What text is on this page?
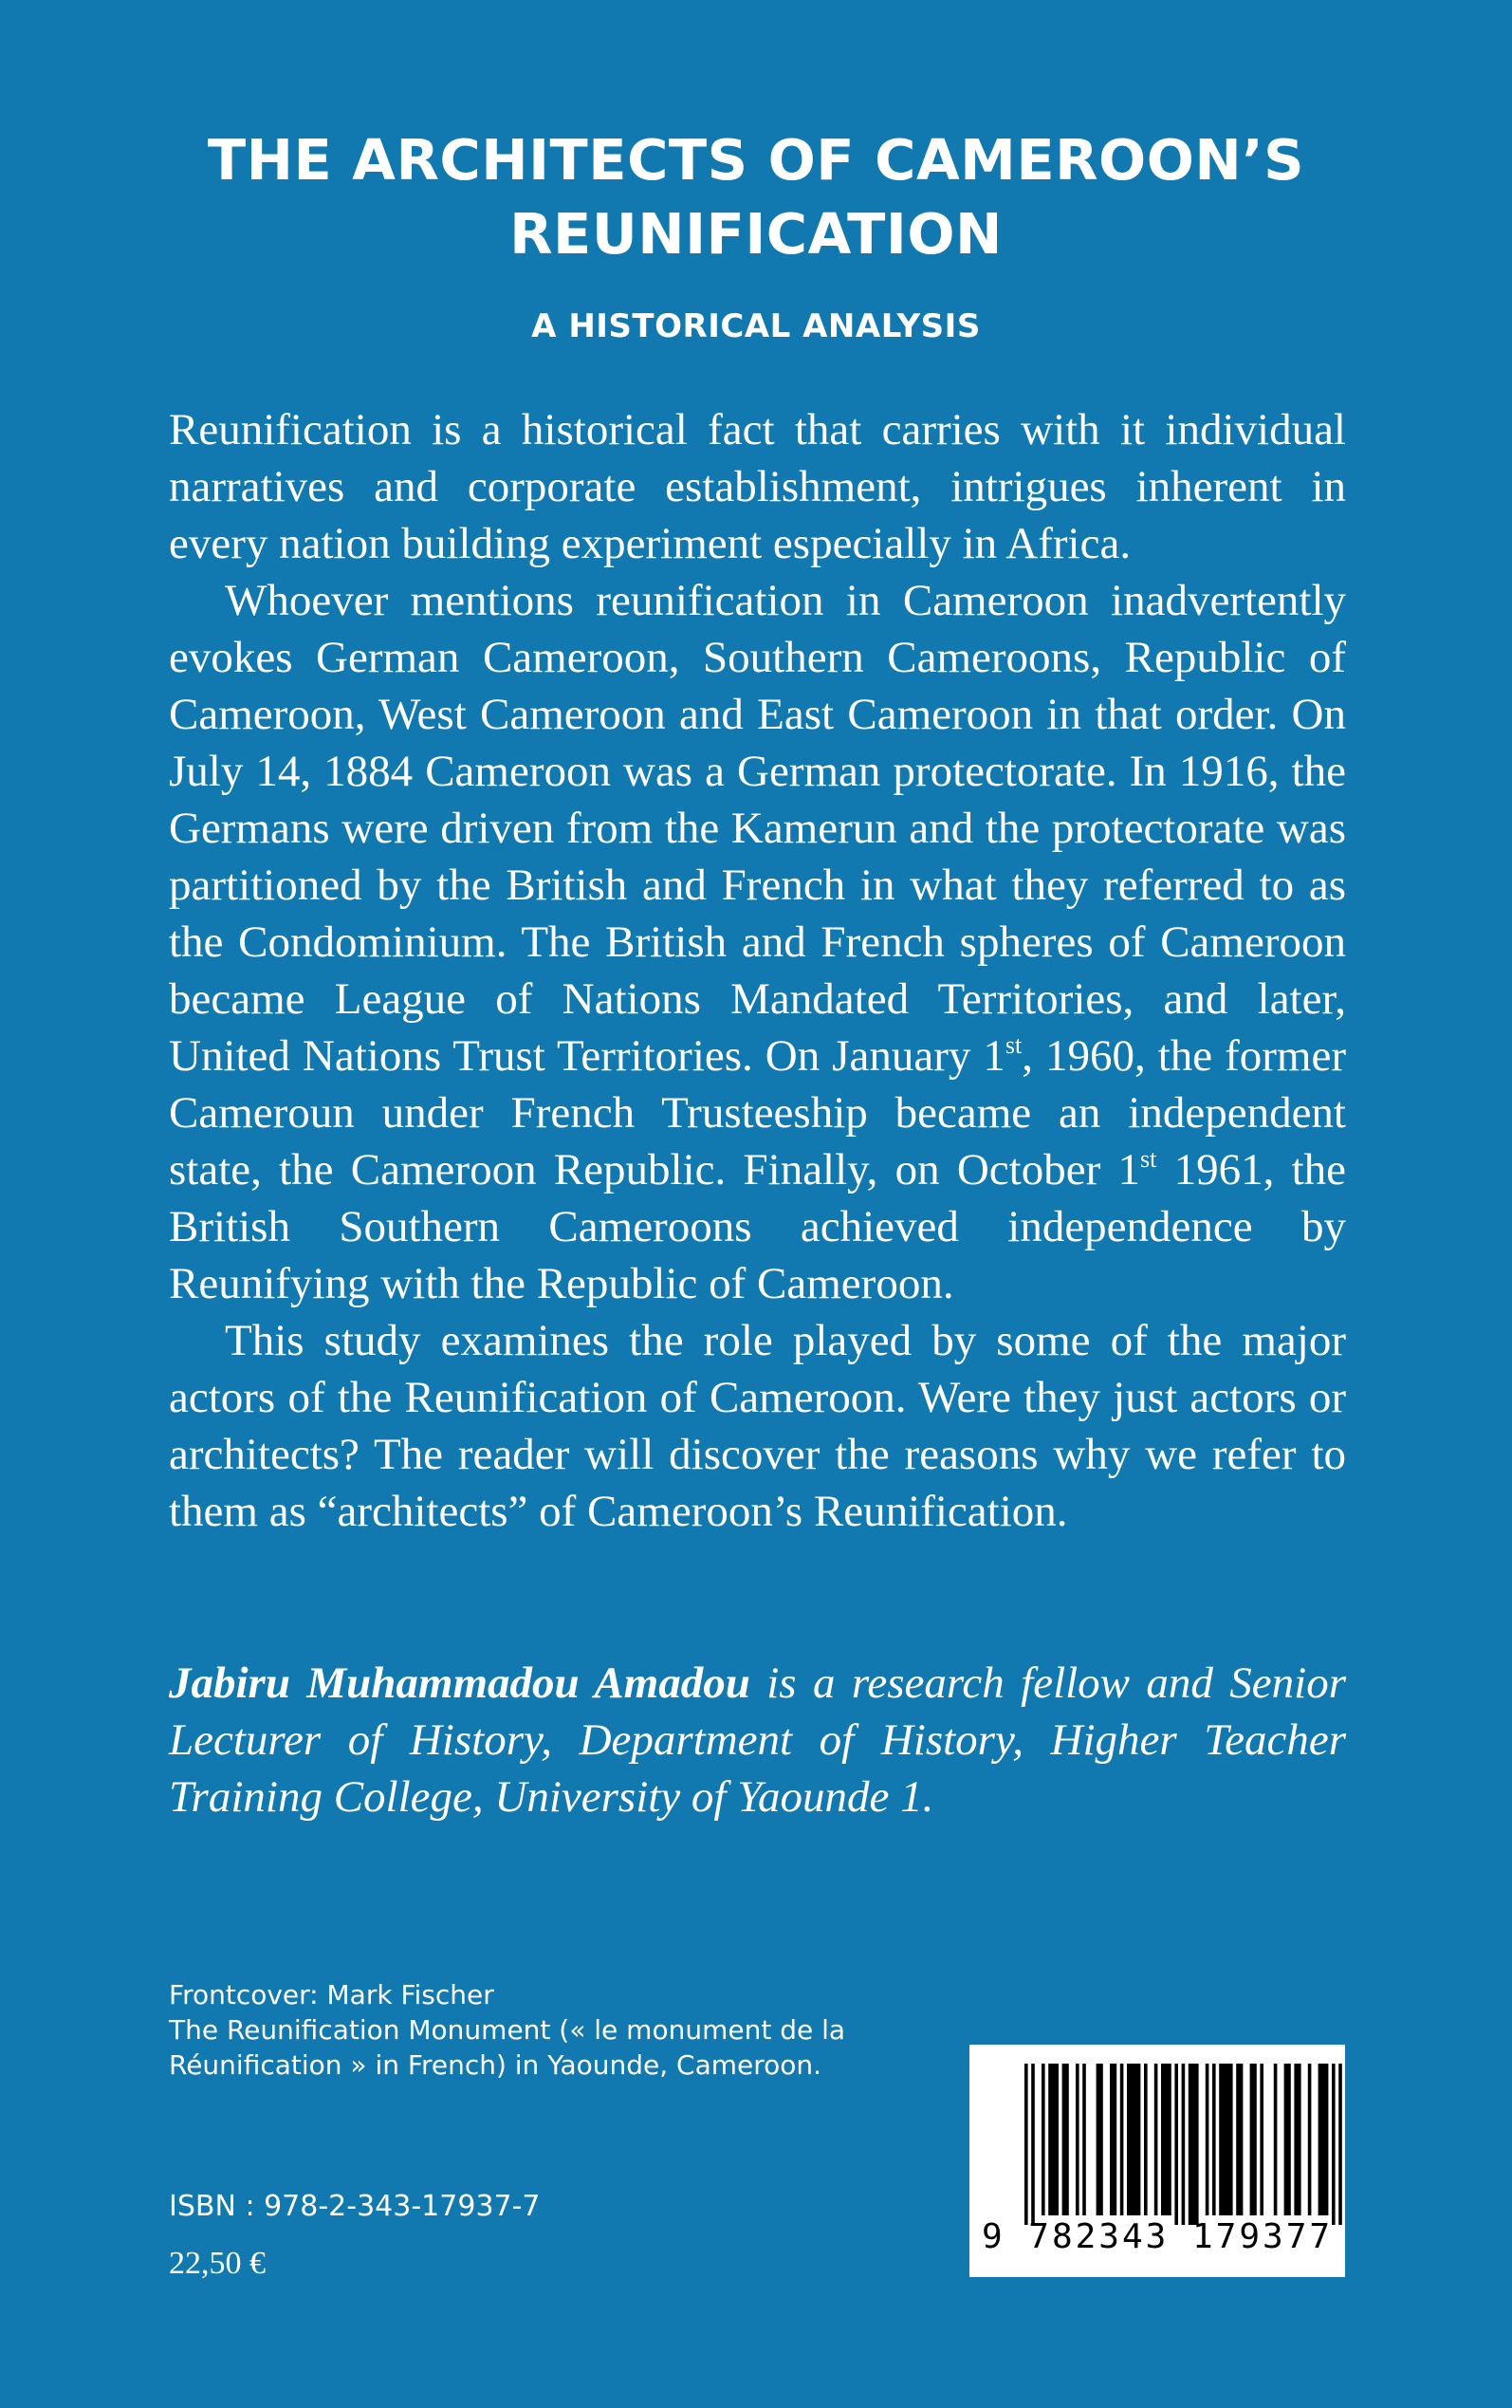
THE ARCHITECTS OF CAMEROON’S
REUNIFICATION
A HISTORICAL ANALYSIS

Reunification is a historical fact that carries with it individual narratives and corporate establishment, intrigues inherent in every nation building experiment especially in Africa.

Whoever mentions reunification in Cameroon inadvertently evokes German Cameroon, Southern Cameroons, Republic of Cameroon, West Cameroon and East Cameroon in that order. On July 14, 1884 Cameroon was a German protectorate. In 1916, the Germans were driven from the Kamerun and the protectorate was partitioned by the British and French in what they referred to as the Condominium. The British and French spheres of Cameroon became League of Nations Mandated Territories, and later, United Nations Trust Territories. On January 1st, 1960, the former Cameroun under French Trusteeship became an independent state, the Cameroon Republic. Finally, on October 1st 1961, the British Southern Cameroons achieved independence by Reunifying with the Republic of Cameroon.

This study examines the role played by some of the major actors of the Reunification of Cameroon. Were they just actors or architects? The reader will discover the reasons why we refer to them as “architects” of Cameroon’s Reunification.

Jabiru Muhammadou Amadou is a research fellow and Senior Lecturer of History, Department of History, Higher Teacher Training College, University of Yaounde 1.
Frontcover: Mark Fischer
The Reunification Monument (« le monument de la
Réunification » in French) in Yaounde, Cameroon.
ISBN : 978-2-343-17937-7
22,50 €
9 782343 179377
